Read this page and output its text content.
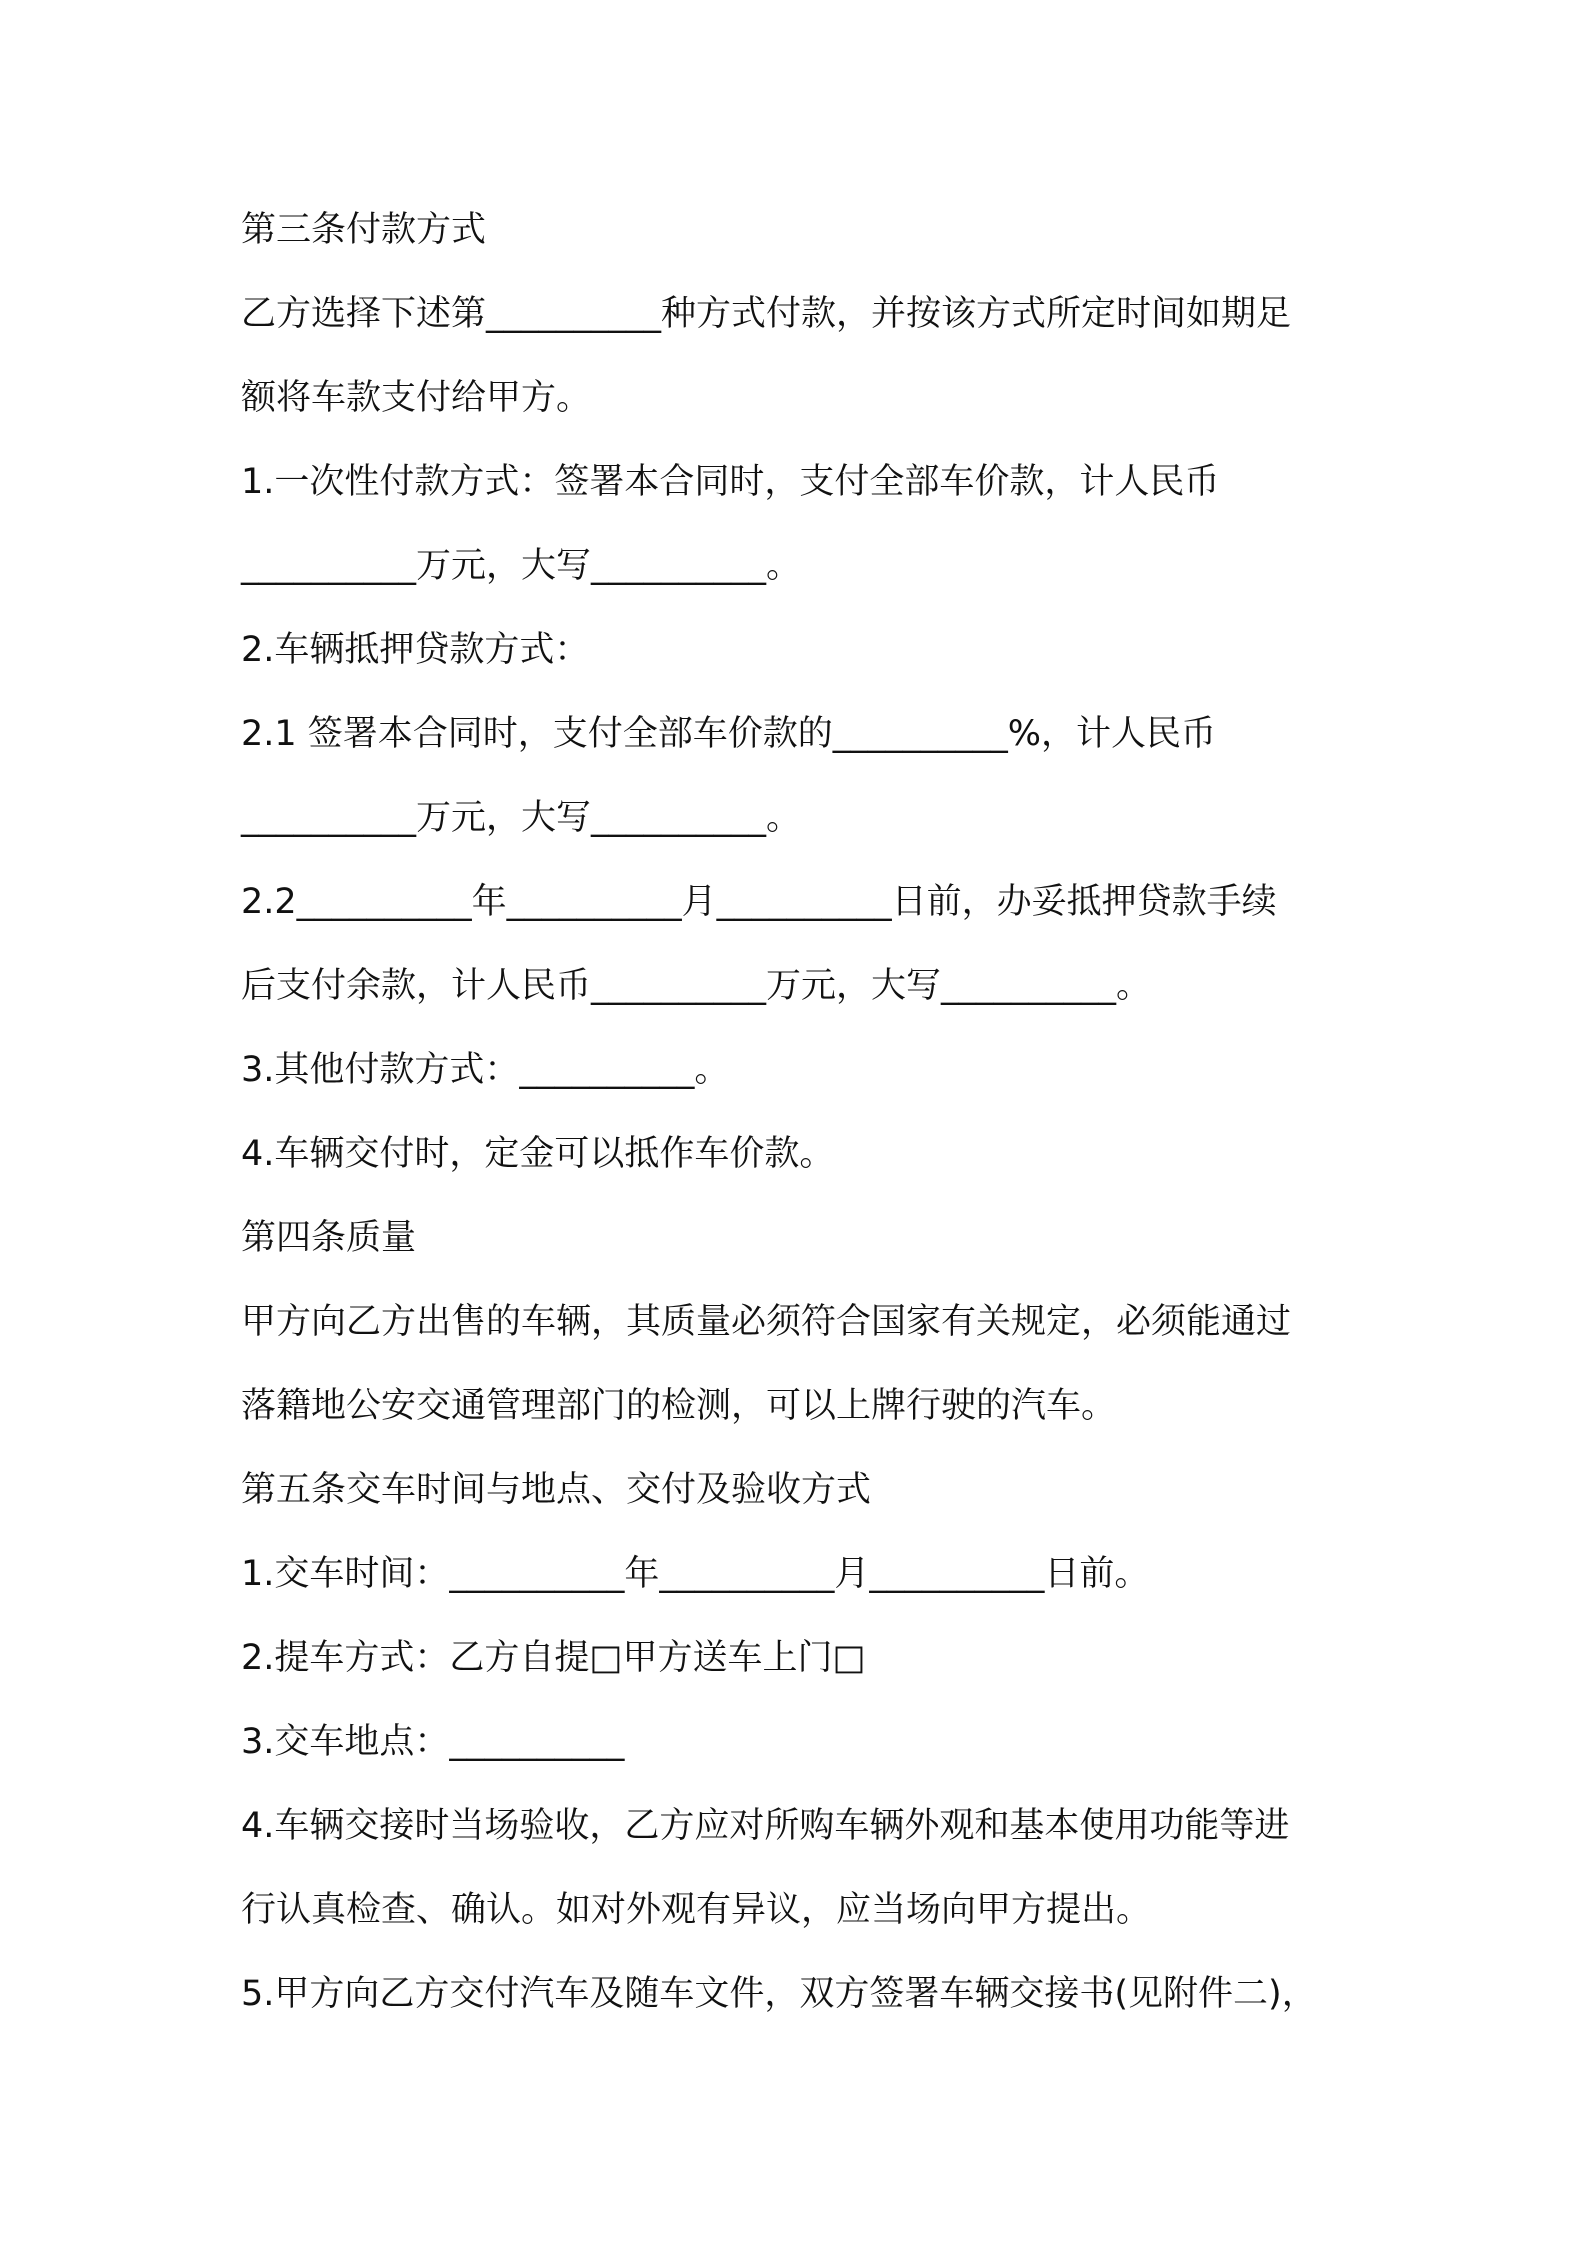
第三条付款方式

乙方选择下述第__________种方式付款，并按该方式所定时间如期足

额将车款支付给甲方。

1.一次性付款方式：签署本合同时，支付全部车价款，计人民币

__________万元，大写__________。

2.车辆抵押贷款方式：

2.1 签署本合同时，支付全部车价款的__________%，计人民币

__________万元，大写__________。

2.2__________年__________月__________日前，办妥抵押贷款手续

后支付余款，计人民币__________万元，大写__________。

3.其他付款方式：__________。

4.车辆交付时，定金可以抵作车价款。

第四条质量

甲方向乙方出售的车辆，其质量必须符合国家有关规定，必须能通过

落籍地公安交通管理部门的检测，可以上牌行驶的汽车。

第五条交车时间与地点、交付及验收方式

1.交车时间：__________年__________月__________日前。

2.提车方式：乙方自提□甲方送车上门□

3.交车地点：__________

4.车辆交接时当场验收，乙方应对所购车辆外观和基本使用功能等进

行认真检查、确认。如对外观有异议，应当场向甲方提出。

5.甲方向乙方交付汽车及随车文件，双方签署车辆交接书(见附件二)，
